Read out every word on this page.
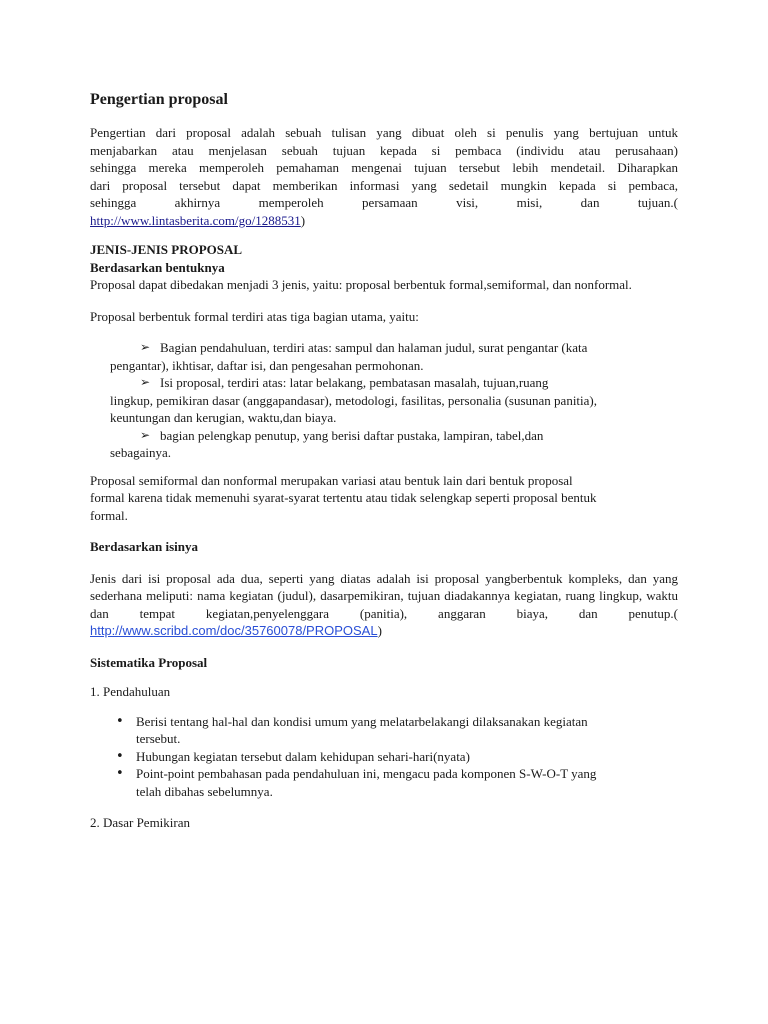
Pengertian proposal

Pengertian dari proposal adalah sebuah tulisan yang dibuat oleh si penulis yang bertujuan untuk

menjabarkan atau menjelasan sebuah tujuan kepada si pembaca (individu atau perusahaan)

sehingga mereka memperoleh pemahaman mengenai tujuan tersebut lebih mendetail. Diharapkan

dari proposal tersebut dapat memberikan informasi yang sedetail mungkin kepada si pembaca,

sehingga akhirnya memperoleh persamaan visi, misi, dan tujuan.(

http://www.lintasberita.com/go/1288531)

JENIS-JENIS PROPOSAL

Berdasarkan bentuknya

Proposal dapat dibedakan menjadi 3 jenis, yaitu: proposal berbentuk formal,semiformal, dan nonformal.

Proposal berbentuk formal terdiri atas tiga bagian utama, yaitu:

➢ Bagian pendahuluan, terdiri atas: sampul dan halaman judul, surat pengantar (kata
pengantar), ikhtisar, daftar isi, dan pengesahan permohonan.
➢ Isi proposal, terdiri atas: latar belakang, pembatasan masalah, tujuan,ruang
lingkup, pemikiran dasar (anggapandasar), metodologi, fasilitas, personalia (susunan panitia),
keuntungan dan kerugian, waktu,dan biaya.
➢ bagian pelengkap penutup, yang berisi daftar pustaka, lampiran, tabel,dan
sebagainya.

Proposal semiformal dan nonformal merupakan variasi atau bentuk lain dari bentuk proposal

formal karena tidak memenuhi syarat-syarat tertentu atau tidak selengkap seperti proposal bentuk

formal.

Berdasarkan isinya

Jenis dari isi proposal ada dua, seperti yang diatas adalah isi proposal yangberbentuk kompleks, dan yang sederhana meliputi: nama kegiatan (judul), dasarpemikiran, tujuan diadakannya kegiatan, ruang lingkup, waktu dan tempat kegiatan,penyelenggara (panitia), anggaran biaya, dan penutup.( http://www.scribd.com/doc/35760078/PROPOSAL)

Sistematika Proposal

1. Pendahuluan

• Berisi tentang hal-hal dan kondisi umum yang melatarbelakangi dilaksanakan kegiatan
tersebut.
• Hubungan kegiatan tersebut dalam kehidupan sehari-hari(nyata)
• Point-point pembahasan pada pendahuluan ini, mengacu pada komponen S-W-O-T yang
telah dibahas sebelumnya.

2. Dasar Pemikiran
